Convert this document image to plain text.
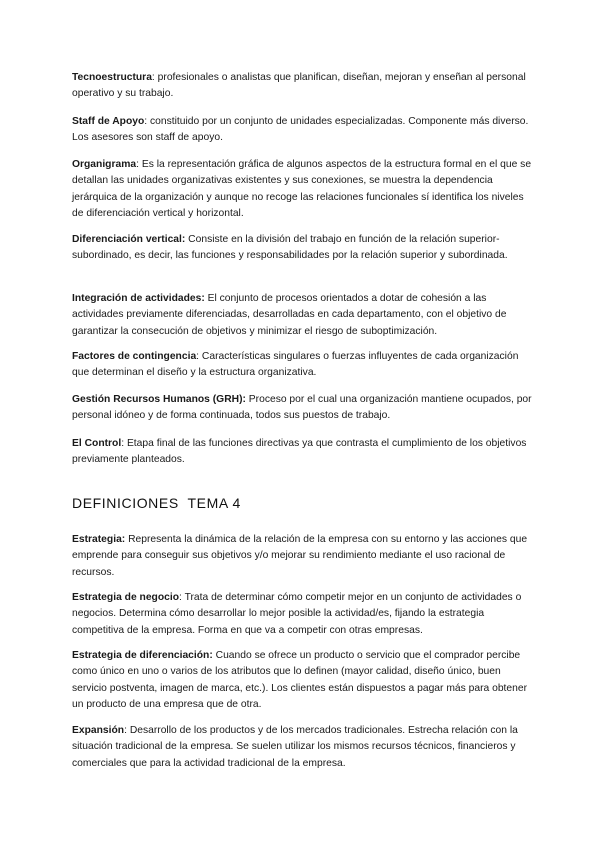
Tecnoestructura: profesionales o analistas que planifican, diseñan, mejoran y enseñan al personal operativo y su trabajo.

Staff de Apoyo: constituido por un conjunto de unidades especializadas. Componente más diverso. Los asesores son staff de apoyo.

Organigrama: Es la representación gráfica de algunos aspectos de la estructura formal en el que se detallan las unidades organizativas existentes y sus conexiones, se muestra la dependencia jerárquica de la organización y aunque no recoge las relaciones funcionales sí identifica los niveles de diferenciación vertical y horizontal.

Diferenciación vertical: Consiste en la división del trabajo en función de la relación superior-subordinado, es decir, las funciones y responsabilidades por la relación superior y subordinada.

Integración de actividades: El conjunto de procesos orientados a dotar de cohesión a las actividades previamente diferenciadas, desarrolladas en cada departamento, con el objetivo de garantizar la consecución de objetivos y minimizar el riesgo de suboptimización.

Factores de contingencia: Características singulares o fuerzas influyentes de cada organización que determinan el diseño y la estructura organizativa.

Gestión Recursos Humanos (GRH): Proceso por el cual una organización mantiene ocupados, por personal idóneo y de forma continuada, todos sus puestos de trabajo.

El Control: Etapa final de las funciones directivas ya que contrasta el cumplimiento de los objetivos previamente planteados.

DEFINICIONES  TEMA 4

Estrategia: Representa la dinámica de la relación de la empresa con su entorno y las acciones que emprende para conseguir sus objetivos y/o mejorar su rendimiento mediante el uso racional de recursos.

Estrategia de negocio: Trata de determinar cómo competir mejor en un conjunto de actividades o negocios. Determina cómo desarrollar lo mejor posible la actividad/es, fijando la estrategia competitiva de la empresa. Forma en que va a competir con otras empresas.

Estrategia de diferenciación: Cuando se ofrece un producto o servicio que el comprador percibe como único en uno o varios de los atributos que lo definen (mayor calidad, diseño único, buen servicio postventa, imagen de marca, etc.). Los clientes están dispuestos a pagar más para obtener un producto de una empresa que de otra.

Expansión: Desarrollo de los productos y de los mercados tradicionales. Estrecha relación con la situación tradicional de la empresa. Se suelen utilizar los mismos recursos técnicos, financieros y comerciales que para la actividad tradicional de la empresa.
